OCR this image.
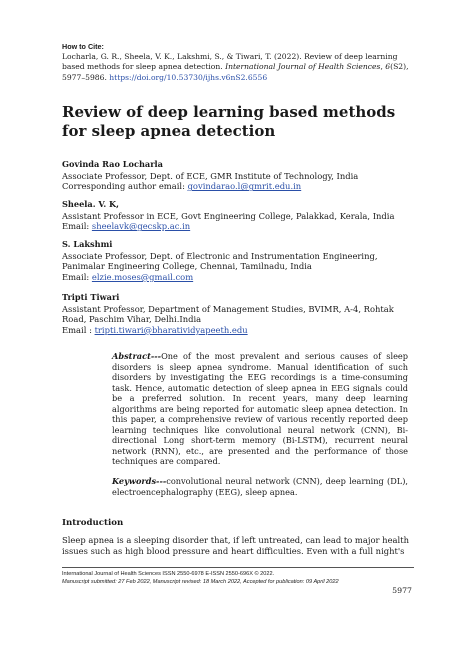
How to Cite:
Locharla, G. R., Sheela, V. K., Lakshmi, S., & Tiwari, T. (2022). Review of deep learning
based methods for sleep apnea detection. International Journal of Health Sciences, 6(S2),
5977–5986. https://doi.org/10.53730/ijhs.v6nS2.6556
Review of deep learning based methods for sleep apnea detection
Govinda Rao Locharla
Associate Professor, Dept. of ECE, GMR Institute of Technology, India
Corresponding author email: govindarao.l@gmrit.edu.in
Sheela. V. K,
Assistant Professor in ECE, Govt Engineering College, Palakkad, Kerala, India
Email: sheelavk@gecskp.ac.in
S. Lakshmi
Associate Professor, Dept. of Electronic and Instrumentation Engineering,
Panimalar Engineering College, Chennai, Tamilnadu, India
Email: elzie.moses@gmail.com
Tripti Tiwari
Assistant Professor, Department of Management Studies, BVIMR, A-4, Rohtak
Road, Paschim Vihar, Delhi.India
Email : tripti.tiwari@bharatividyapeeth.edu
Abstract---One of the most prevalent and serious causes of sleep disorders is sleep apnea syndrome. Manual identification of such disorders by investigating the EEG recordings is a time-consuming task. Hence, automatic detection of sleep apnea in EEG signals could be a preferred solution. In recent years, many deep learning algorithms are being reported for automatic sleep apnea detection. In this paper, a comprehensive review of various recently reported deep learning techniques like convolutional neural network (CNN), Bi-directional Long short-term memory (Bi-LSTM), recurrent neural network (RNN), etc., are presented and the performance of those techniques are compared.
Keywords---convolutional neural network (CNN), deep learning (DL), electroencephalography (EEG), sleep apnea.
Introduction
Sleep apnea is a sleeping disorder that, if left untreated, can lead to major health issues such as high blood pressure and heart difficulties. Even with a full night's
International Journal of Health Sciences ISSN 2550-6978 E-ISSN 2550-696X © 2022.
Manuscript submitted: 27 Feb 2022, Manuscript revised: 18 March 2022, Accepted for publication: 09 April 2022
5977
